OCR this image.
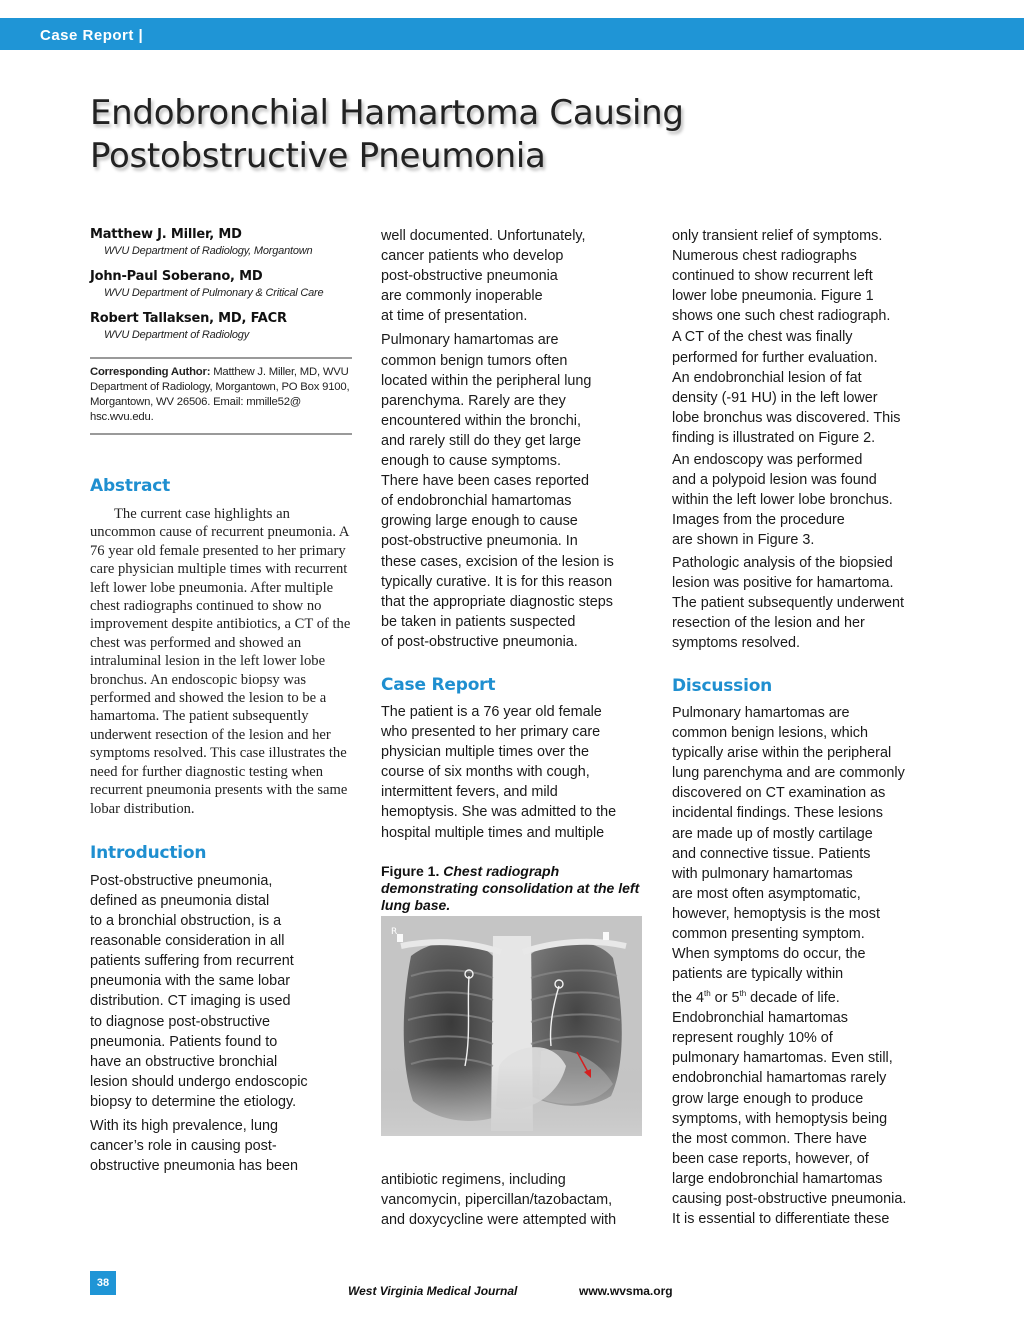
Case Report |
Endobronchial Hamartoma Causing Postobstructive Pneumonia
Matthew J. Miller, MD
WVU Department of Radiology, Morgantown
John-Paul Soberano, MD
WVU Department of Pulmonary & Critical Care
Robert Tallaksen, MD, FACR
WVU Department of Radiology
Corresponding Author: Matthew J. Miller, MD, WVU Department of Radiology, Morgantown, PO Box 9100, Morgantown, WV 26506. Email: mmille52@ hsc.wvu.edu.
Abstract
The current case highlights an uncommon cause of recurrent pneumonia. A 76 year old female presented to her primary care physician multiple times with recurrent left lower lobe pneumonia. After multiple chest radiographs continued to show no improvement despite antibiotics, a CT of the chest was performed and showed an intraluminal lesion in the left lower lobe bronchus. An endoscopic biopsy was performed and showed the lesion to be a hamartoma. The patient subsequently underwent resection of the lesion and her symptoms resolved. This case illustrates the need for further diagnostic testing when recurrent pneumonia presents with the same lobar distribution.
Introduction
Post-obstructive pneumonia,
defined as pneumonia distal
to a bronchial obstruction, is a
reasonable consideration in all
patients suffering from recurrent
pneumonia with the same lobar
distribution. CT imaging is used
to diagnose post-obstructive
pneumonia. Patients found to
have an obstructive bronchial
lesion should undergo endoscopic
biopsy to determine the etiology.
With its high prevalence, lung
cancer’s role in causing post-
obstructive pneumonia has been
well documented. Unfortunately,
cancer patients who develop
post-obstructive pneumonia
are commonly inoperable
at time of presentation.
Pulmonary hamartomas are
common benign tumors often
located within the peripheral lung
parenchyma. Rarely are they
encountered within the bronchi,
and rarely still do they get large
enough to cause symptoms.
There have been cases reported
of endobronchial hamartomas
growing large enough to cause
post-obstructive pneumonia. In
these cases, excision of the lesion is
typically curative. It is for this reason
that the appropriate diagnostic steps
be taken in patients suspected
of post-obstructive pneumonia.
Case Report
The patient is a 76 year old female
who presented to her primary care
physician multiple times over the
course of six months with cough,
intermittent fevers, and mild
hemoptysis. She was admitted to the
hospital multiple times and multiple
Figure 1. Chest radiograph demonstrating consolidation at the left lung base.
R
antibiotic regimens, including
vancomycin, pipercillan/tazobactam,
and doxycycline were attempted with
only transient relief of symptoms.
Numerous chest radiographs
continued to show recurrent left
lower lobe pneumonia. Figure 1
shows one such chest radiograph.
A CT of the chest was finally
performed for further evaluation.
An endobronchial lesion of fat
density (-91 HU) in the left lower
lobe bronchus was discovered. This
finding is illustrated on Figure 2.
An endoscopy was performed
and a polypoid lesion was found
within the left lower lobe bronchus.
Images from the procedure
are shown in Figure 3.
Pathologic analysis of the biopsied
lesion was positive for hamartoma.
The patient subsequently underwent
resection of the lesion and her
symptoms resolved.
Discussion
Pulmonary hamartomas are
common benign lesions, which
typically arise within the peripheral
lung parenchyma and are commonly
discovered on CT examination as
incidental findings. These lesions
are made up of mostly cartilage
and connective tissue. Patients
with pulmonary hamartomas
are most often asymptomatic,
however, hemoptysis is the most
common presenting symptom.
When symptoms do occur, the
patients are typically within
the 4th or 5th decade of life.
Endobronchial hamartomas
represent roughly 10% of
pulmonary hamartomas. Even still,
endobronchial hamartomas rarely
grow large enough to produce
symptoms, with hemoptysis being
the most common. There have
been case reports, however, of
large endobronchial hamartomas
causing post-obstructive pneumonia.
It is essential to differentiate these
38
West Virginia Medical Journal	www.wvsma.org
